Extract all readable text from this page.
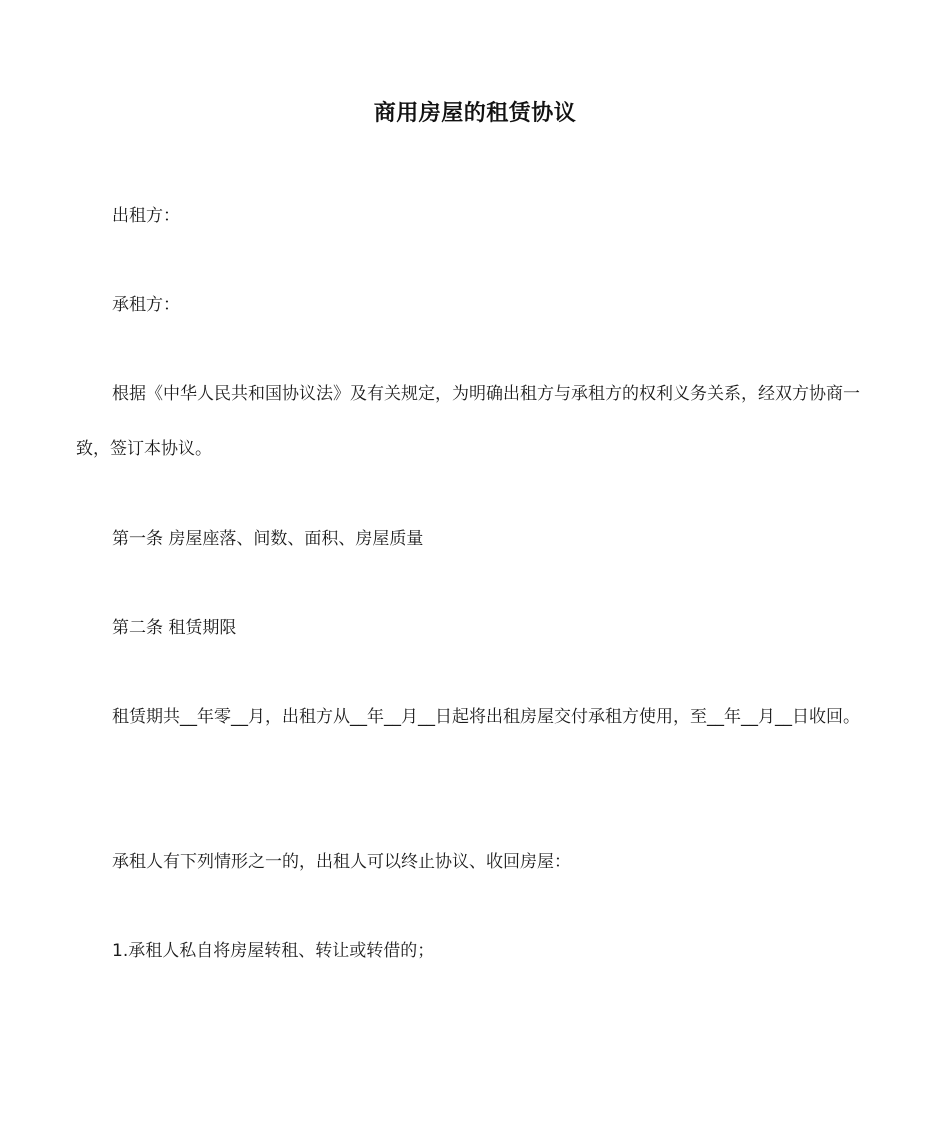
商用房屋的租赁协议
出租方：
承租方：
根据《中华人民共和国协议法》及有关规定，为明确出租方与承租方的权利义务关系，经双方协商一致，签订本协议。
第一条 房屋座落、间数、面积、房屋质量
第二条 租赁期限
租赁期共__年零__月，出租方从__年__月__日起将出租房屋交付承租方使用，至__年__月__日收回。
承租人有下列情形之一的，出租人可以终止协议、收回房屋：
1.承租人私自将房屋转租、转让或转借的；
